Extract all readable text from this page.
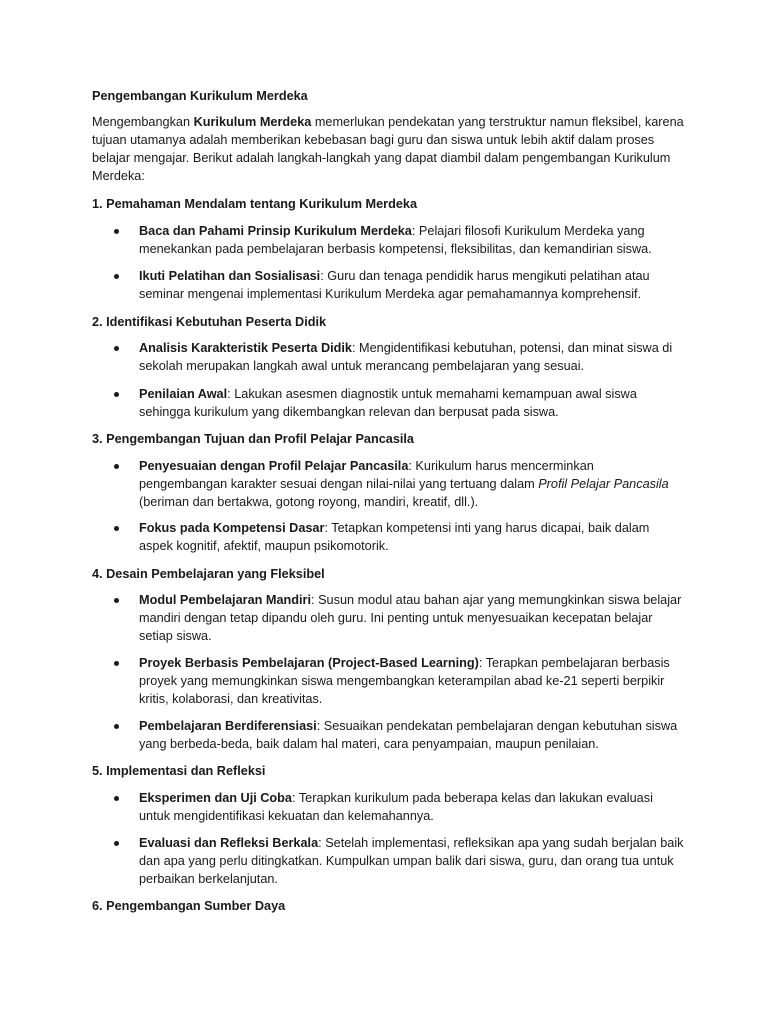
Pengembangan Kurikulum Merdeka

Mengembangkan Kurikulum Merdeka memerlukan pendekatan yang terstruktur namun fleksibel, karena tujuan utamanya adalah memberikan kebebasan bagi guru dan siswa untuk lebih aktif dalam proses belajar mengajar. Berikut adalah langkah-langkah yang dapat diambil dalam pengembangan Kurikulum Merdeka:

1. Pemahaman Mendalam tentang Kurikulum Merdeka
Baca dan Pahami Prinsip Kurikulum Merdeka: Pelajari filosofi Kurikulum Merdeka yang menekankan pada pembelajaran berbasis kompetensi, fleksibilitas, dan kemandirian siswa.
Ikuti Pelatihan dan Sosialisasi: Guru dan tenaga pendidik harus mengikuti pelatihan atau seminar mengenai implementasi Kurikulum Merdeka agar pemahamannya komprehensif.
2. Identifikasi Kebutuhan Peserta Didik
Analisis Karakteristik Peserta Didik: Mengidentifikasi kebutuhan, potensi, dan minat siswa di sekolah merupakan langkah awal untuk merancang pembelajaran yang sesuai.
Penilaian Awal: Lakukan asesmen diagnostik untuk memahami kemampuan awal siswa sehingga kurikulum yang dikembangkan relevan dan berpusat pada siswa.
3. Pengembangan Tujuan dan Profil Pelajar Pancasila
Penyesuaian dengan Profil Pelajar Pancasila: Kurikulum harus mencerminkan pengembangan karakter sesuai dengan nilai-nilai yang tertuang dalam Profil Pelajar Pancasila (beriman dan bertakwa, gotong royong, mandiri, kreatif, dll.).
Fokus pada Kompetensi Dasar: Tetapkan kompetensi inti yang harus dicapai, baik dalam aspek kognitif, afektif, maupun psikomotorik.
4. Desain Pembelajaran yang Fleksibel
Modul Pembelajaran Mandiri: Susun modul atau bahan ajar yang memungkinkan siswa belajar mandiri dengan tetap dipandu oleh guru. Ini penting untuk menyesuaikan kecepatan belajar setiap siswa.
Proyek Berbasis Pembelajaran (Project-Based Learning): Terapkan pembelajaran berbasis proyek yang memungkinkan siswa mengembangkan keterampilan abad ke-21 seperti berpikir kritis, kolaborasi, dan kreativitas.
Pembelajaran Berdiferensiasi: Sesuaikan pendekatan pembelajaran dengan kebutuhan siswa yang berbeda-beda, baik dalam hal materi, cara penyampaian, maupun penilaian.
5. Implementasi dan Refleksi
Eksperimen dan Uji Coba: Terapkan kurikulum pada beberapa kelas dan lakukan evaluasi untuk mengidentifikasi kekuatan dan kelemahannya.
Evaluasi dan Refleksi Berkala: Setelah implementasi, refleksikan apa yang sudah berjalan baik dan apa yang perlu ditingkatkan. Kumpulkan umpan balik dari siswa, guru, dan orang tua untuk perbaikan berkelanjutan.
6. Pengembangan Sumber Daya
